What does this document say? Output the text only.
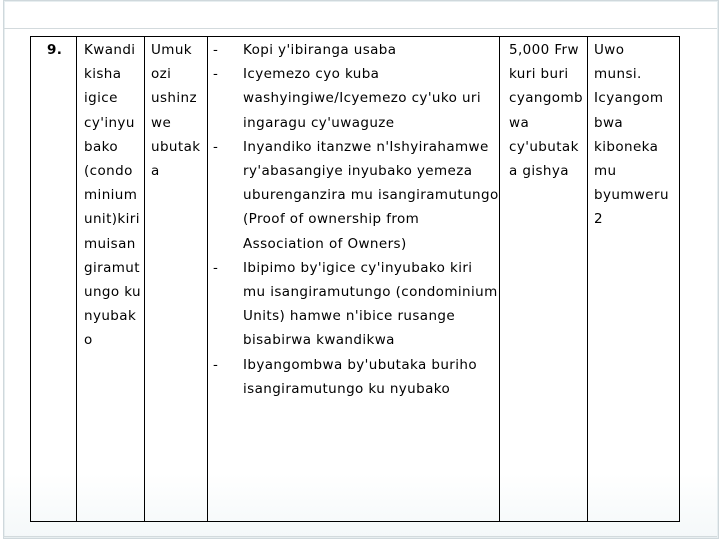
9. Kwandi
kisha
igice
cy'inyu
bako
(condo
minium
unit)kiri
muisan
giramut
ungo ku
nyubak
o
Umuk
ozi
ushinz
we
ubutak
a
-
-

-

-

-
Kopi y'ibiranga usaba
Icyemezo cyo kuba
washyingiwe/Icyemezo cy'uko uri
ingaragu cy'uwaguze
Inyandiko itanzwe n'Ishyirahamwe
ry'abasangiye inyubako yemeza
uburenganzira mu isangiramutungo
(Proof of ownership from
Association of Owners)
Ibipimo by'igice cy'inyubako kiri
mu isangiramutungo (condominium
Units) hamwe n'ibice rusange
bisabirwa kwandikwa
Ibyangombwa by'ubutaka buriho
isangiramutungo ku nyubako
5,000 Frw
kuri buri
cyangomb
wa
cy'ubutak
a gishya
Uwo
munsi.
Icyangom
bwa
kiboneka
mu
byumweru
2
